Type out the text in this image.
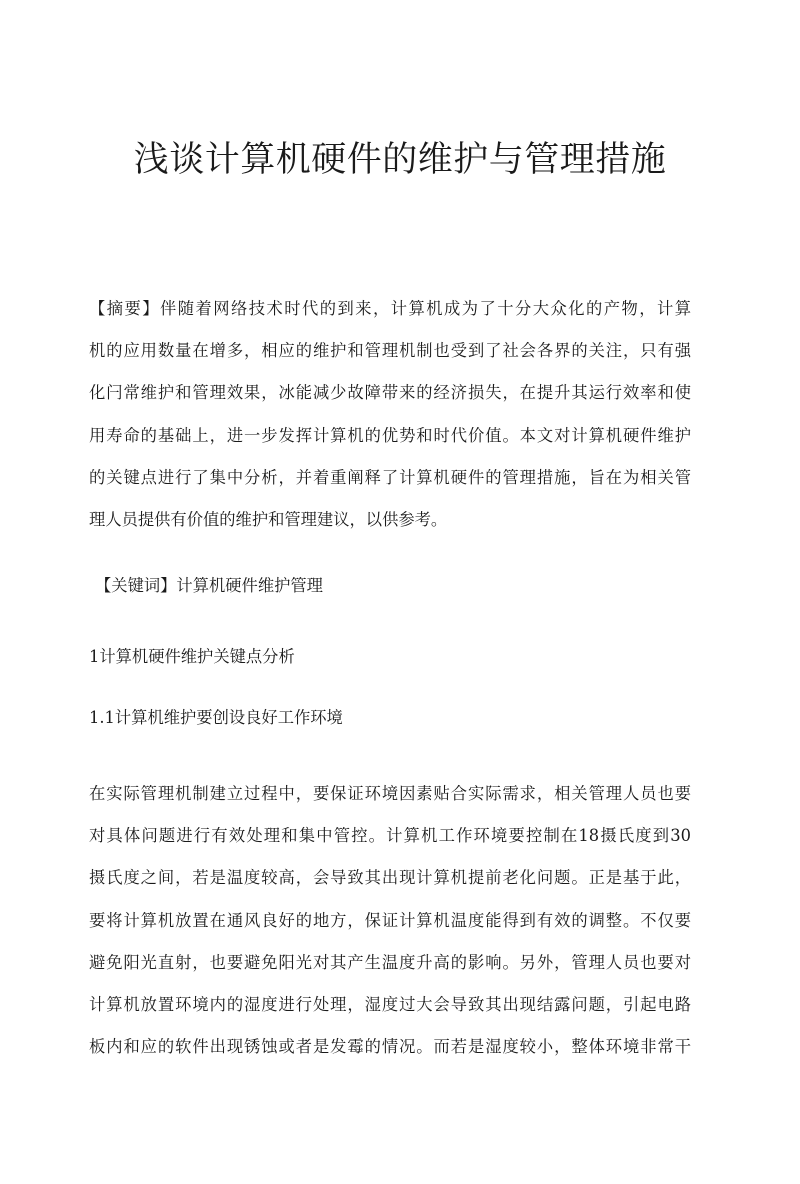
浅谈计算机硬件的维护与管理措施
【摘要】伴随着网络技术时代的到来，计算机成为了十分大众化的产物，计算
机的应用数量在增多，相应的维护和管理机制也受到了社会各界的关注，只有强
化闩常维护和管理效果，冰能减少故障带来的经济损失，在提升其运行效率和使
用寿命的基础上，进一步发挥计算机的优势和时代价值。本文对计算机硬件维护
的关键点进行了集中分析，并着重阐释了计算机硬件的管理措施，旨在为相关管
理人员提供有价值的维护和管理建议，以供参考。

【关键词】计算机硬件维护管理

1计算机硬件维护关键点分析

1.1计算机维护要创设良好工作环境

在实际管理机制建立过程中，要保证环境因素贴合实际需求，相关管理人员也要
对具体问题进行有效处理和集中管控。计算机工作环境要控制在18摄氏度到30
摄氏度之间，若是温度较高，会导致其出现计算机提前老化问题。正是基于此，
要将计算机放置在通风良好的地方，保证计算机温度能得到有效的调整。不仅要
避免阳光直射，也要避免阳光对其产生温度升高的影响。另外，管理人员也要对
计算机放置环境内的湿度进行处理，湿度过大会导致其出现结露问题，引起电路
板内和应的软件出现锈蚀或者是发霉的情况。而若是湿度较小，整体环境非常干
